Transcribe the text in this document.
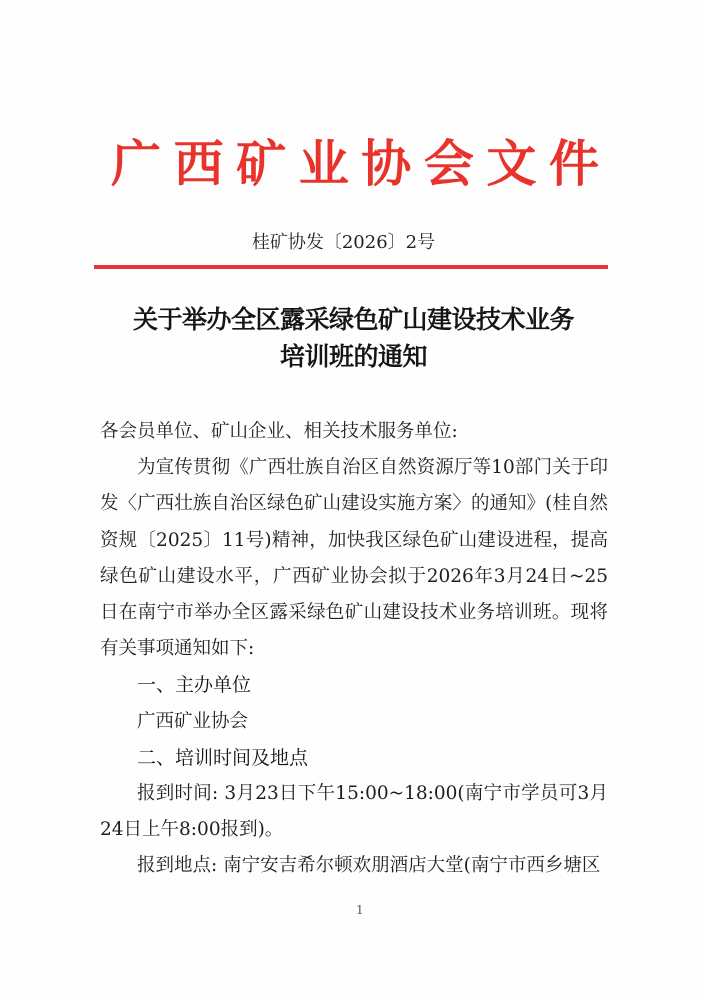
广 西 矿 业 协 会 文 件
桂矿协发〔2026〕2号
关于举办全区露采绿色矿山建设技术业务
培训班的通知

各会员单位、矿山企业、相关技术服务单位:

为宣传贯彻《广西壮族自治区自然资源厅等10部门关于印发〈广西壮族自治区绿色矿山建设实施方案〉的通知》(桂自然资规〔2025〕11号)精神，加快我区绿色矿山建设进程，提高绿色矿山建设水平，广西矿业协会拟于2026年3月24日~25日在南宁市举办全区露采绿色矿山建设技术业务培训班。现将有关事项通知如下:

一、主办单位

广西矿业协会

二、培训时间及地点

报到时间: 3月23日下午15:00~18:00(南宁市学员可3月24日上午8:00报到)。

报到地点: 南宁安吉希尔顿欢朋酒店大堂(南宁市西乡塘区

1
